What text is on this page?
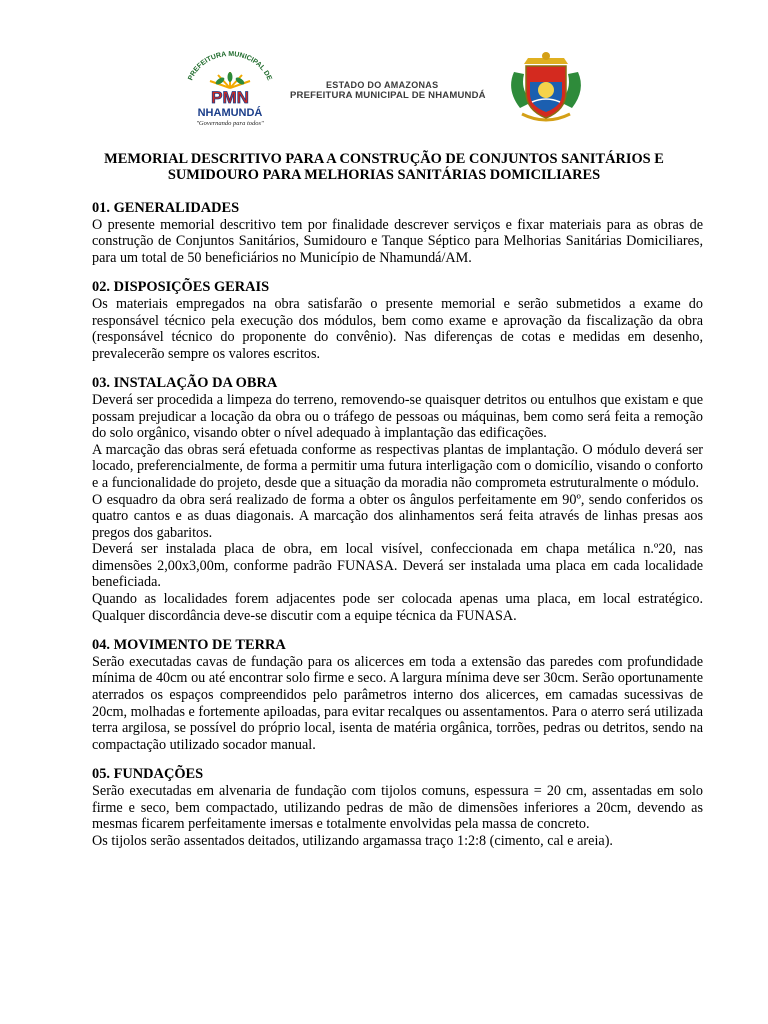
PREFEITURA MUNICIPAL DE
PMN
NHAMUNDÁ
"Governando para todos"
ESTADO DO AMAZONAS
PREFEITURA MUNICIPAL DE NHAMUNDÁ
MEMORIAL DESCRITIVO PARA A CONSTRUÇÃO DE CONJUNTOS SANITÁRIOS E
SUMIDOURO PARA MELHORIAS SANITÁRIAS DOMICILIARES
01. GENERALIDADES

O presente memorial descritivo tem por finalidade descrever serviços e fixar materiais para as obras de construção de Conjuntos Sanitários, Sumidouro e Tanque Séptico para Melhorias Sanitárias Domiciliares, para um total de 50 beneficiários no Município de Nhamundá/AM.

02. DISPOSIÇÕES GERAIS

Os materiais empregados na obra satisfarão o presente memorial e serão submetidos a exame do responsável técnico pela execução dos módulos, bem como exame e aprovação da fiscalização da obra (responsável técnico do proponente do convênio). Nas diferenças de cotas e medidas em desenho, prevalecerão sempre os valores escritos.

03. INSTALAÇÃO DA OBRA

Deverá ser procedida a limpeza do terreno, removendo-se quaisquer detritos ou entulhos que existam e que possam prejudicar a locação da obra ou o tráfego de pessoas ou máquinas, bem como será feita a remoção do solo orgânico, visando obter o nível adequado à implantação das edificações.

A marcação das obras será efetuada conforme as respectivas plantas de implantação. O módulo deverá ser locado, preferencialmente, de forma a permitir uma futura interligação com o domicílio, visando o conforto e a funcionalidade do projeto, desde que a situação da moradia não comprometa estruturalmente o módulo.

O esquadro da obra será realizado de forma a obter os ângulos perfeitamente em 90º, sendo conferidos os quatro cantos e as duas diagonais. A marcação dos alinhamentos será feita através de linhas presas aos pregos dos gabaritos.

Deverá ser instalada placa de obra, em local visível, confeccionada em chapa metálica n.º20, nas dimensões 2,00x3,00m, conforme padrão FUNASA. Deverá ser instalada uma placa em cada localidade beneficiada.

Quando as localidades forem adjacentes pode ser colocada apenas uma placa, em local estratégico. Qualquer discordância deve-se discutir com a equipe técnica da FUNASA.

04. MOVIMENTO DE TERRA

Serão executadas cavas de fundação para os alicerces em toda a extensão das paredes com profundidade mínima de 40cm ou até encontrar solo firme e seco. A largura mínima deve ser 30cm. Serão oportunamente aterrados os espaços compreendidos pelo parâmetros interno dos alicerces, em camadas sucessivas de 20cm, molhadas e fortemente apiloadas, para evitar recalques ou assentamentos. Para o aterro será utilizada terra argilosa, se possível do próprio local, isenta de matéria orgânica, torrões, pedras ou detritos, sendo na compactação utilizado socador manual.

05. FUNDAÇÕES

Serão executadas em alvenaria de fundação com tijolos comuns, espessura = 20 cm, assentadas em solo firme e seco, bem compactado, utilizando pedras de mão de dimensões inferiores a 20cm, devendo as mesmas ficarem perfeitamente imersas e totalmente envolvidas pela massa de concreto.

Os tijolos serão assentados deitados, utilizando argamassa traço 1:2:8 (cimento, cal e areia).
